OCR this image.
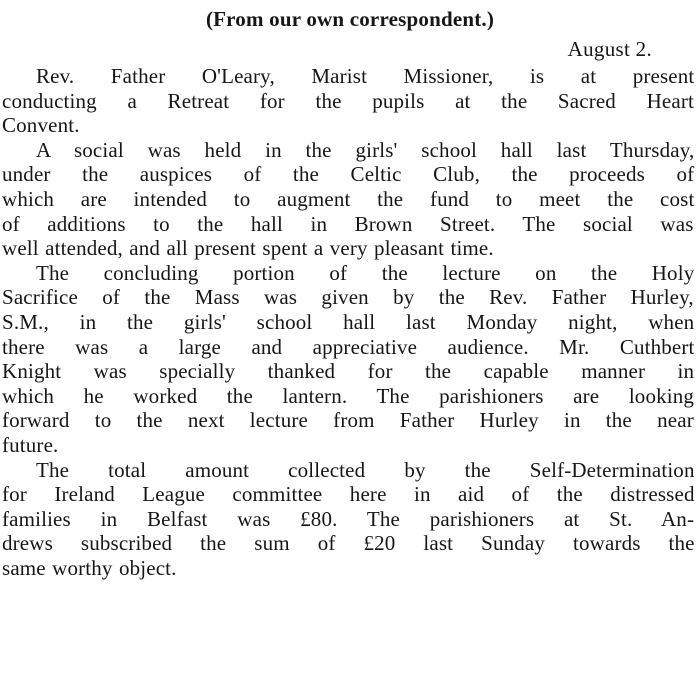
(From our own correspondent.)
August 2.
Rev. Father O'Leary, Marist Missioner, is at present
conducting a Retreat for the pupils at the Sacred Heart
Convent.
A social was held in the girls' school hall last Thursday,
under the auspices of the Celtic Club, the proceeds of
which are intended to augment the fund to meet the cost
of additions to the hall in Brown Street. The social was
well attended, and all present spent a very pleasant time.
The concluding portion of the lecture on the Holy
Sacrifice of the Mass was given by the Rev. Father Hurley,
S.M., in the girls' school hall last Monday night, when
there was a large and appreciative audience. Mr. Cuthbert
Knight was specially thanked for the capable manner in
which he worked the lantern. The parishioners are looking
forward to the next lecture from Father Hurley in the near
future.
The total amount collected by the Self-Determination
for Ireland League committee here in aid of the distressed
families in Belfast was £80. The parishioners at St. An-
drews subscribed the sum of £20 last Sunday towards the
same worthy object.
